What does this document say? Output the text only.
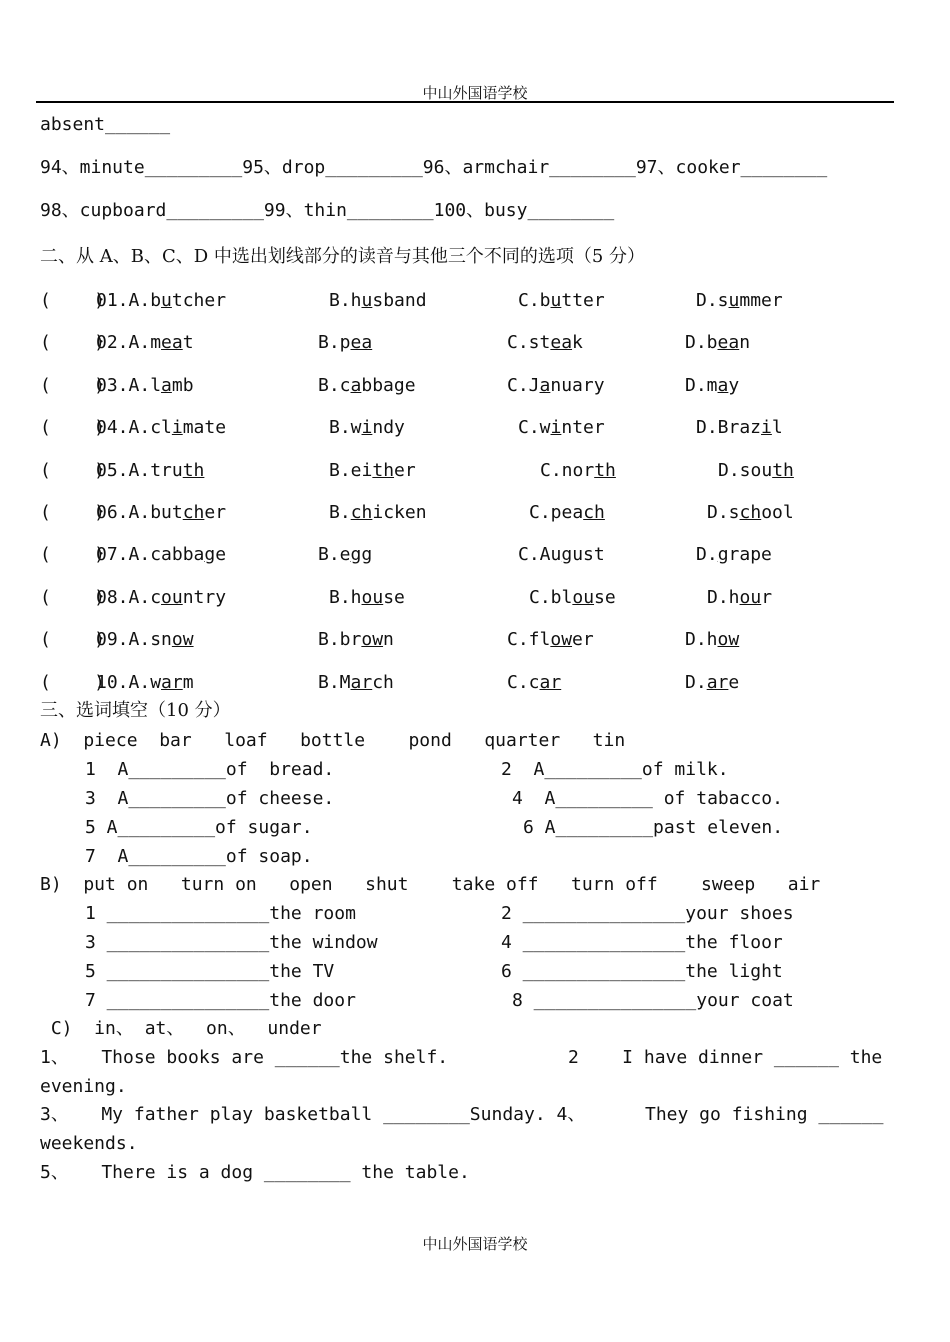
中山外国语学校
absent______
94、minute_________95、drop_________96、armchair________97、cooker________
98、cupboard_________99、thin________100、busy________
二、从 A、B、C、D 中选出划线部分的读音与其他三个不同的选项（5 分）
(    )
01.A.butcher	B.husband	C.butter	D.summer
(    )
02.A.meat	B.pea	C.steak	D.bean
(    )
03.A.lamb	B.cabbage	C.January	D.may
(    )
04.A.climate	B.windy	C.winter	D.Brazil
(    )
05.A.truth	B.either	C.north	D.south
(    )
06.A.butcher	B.chicken	C.peach	D.school
(    )
07.A.cabbage	B.egg	C.August	D.grape
(    )
08.A.country	B.house	C.blouse	D.hour
(    )
09.A.snow	B.brown	C.flower	D.how
(    )
10.A.warm	B.March	C.car	D.are
三、选词填空（10 分）
A)  piece  bar   loaf   bottle    pond   quarter   tin
1  A_________of  bread.	2  A_________of milk.
3  A_________of cheese.	4  A_________ of tabacco.
5 A_________of sugar.	6 A_________past eleven.
7  A_________of soap.
B)  put on   turn on   open   shut    take off   turn off    sweep   air
1 _______________the room	2 _______________your shoes
3 _______________the window	4 _______________the floor
5 _______________the TV	6 _______________the light
7 _______________the door	8 _______________your coat
C)  in、 at、  on、  under
1、   Those books are ______the shelf.	2    I have dinner ______ the
evening.
3、   My father play basketball ________Sunday. 4、	They go fishing ______
weekends.
5、   There is a dog ________ the table.
中山外国语学校
